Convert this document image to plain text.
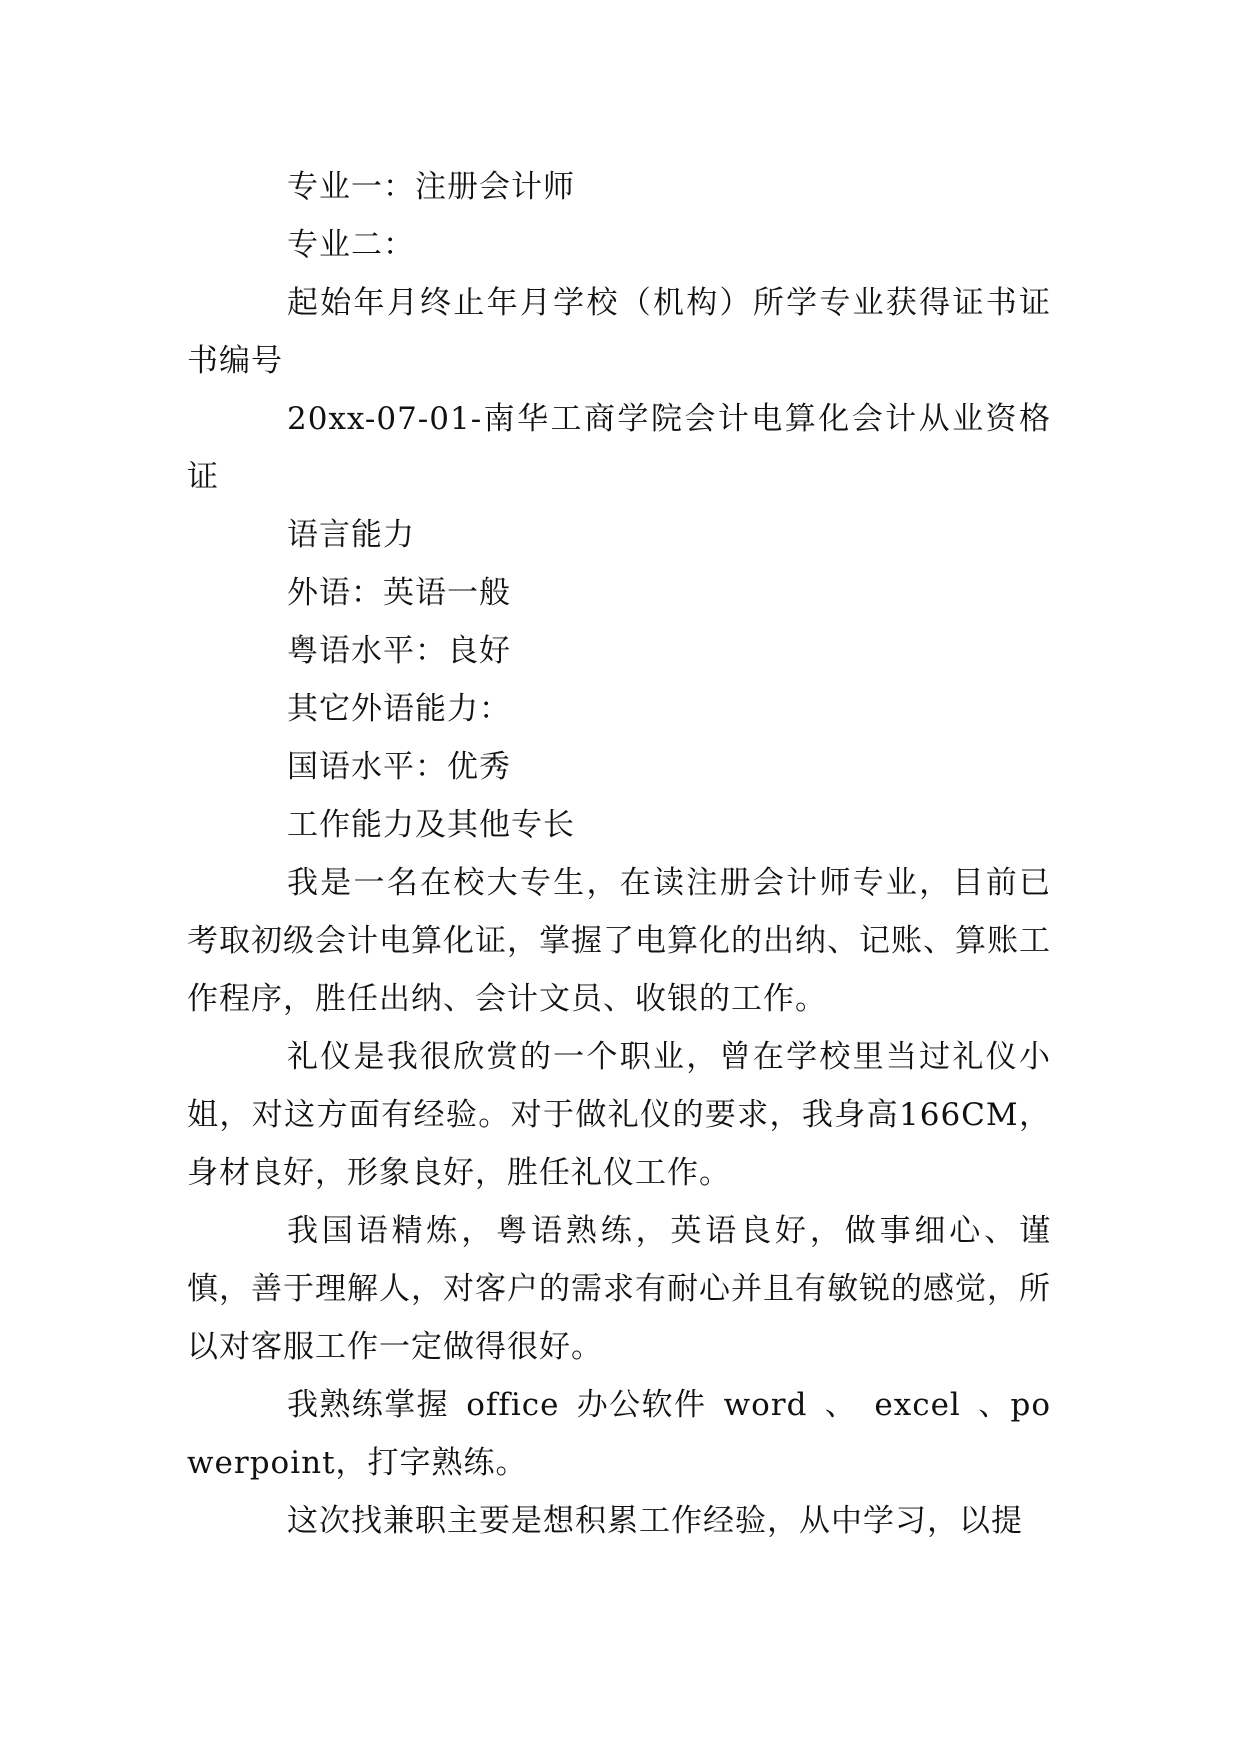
专业一：注册会计师

专业二：

起始年月终止年月学校（机构）所学专业获得证书证书编号

20xx-07-01-南华工商学院会计电算化会计从业资格证

语言能力

外语：英语一般

粤语水平：良好

其它外语能力：

国语水平：优秀

工作能力及其他专长

我是一名在校大专生，在读注册会计师专业，目前已考取初级会计电算化证，掌握了电算化的出纳、记账、算账工作程序，胜任出纳、会计文员、收银的工作。

礼仪是我很欣赏的一个职业，曾在学校里当过礼仪小姐，对这方面有经验。对于做礼仪的要求，我身高166CM，身材良好，形象良好，胜任礼仪工作。

我国语精炼，粤语熟练，英语良好，做事细心、谨慎，善于理解人，对客户的需求有耐心并且有敏锐的感觉，所以对客服工作一定做得很好。

我熟练掌握 office 办公软件 word 、 excel 、powerpoint，打字熟练。

这次找兼职主要是想积累工作经验，从中学习，以提
